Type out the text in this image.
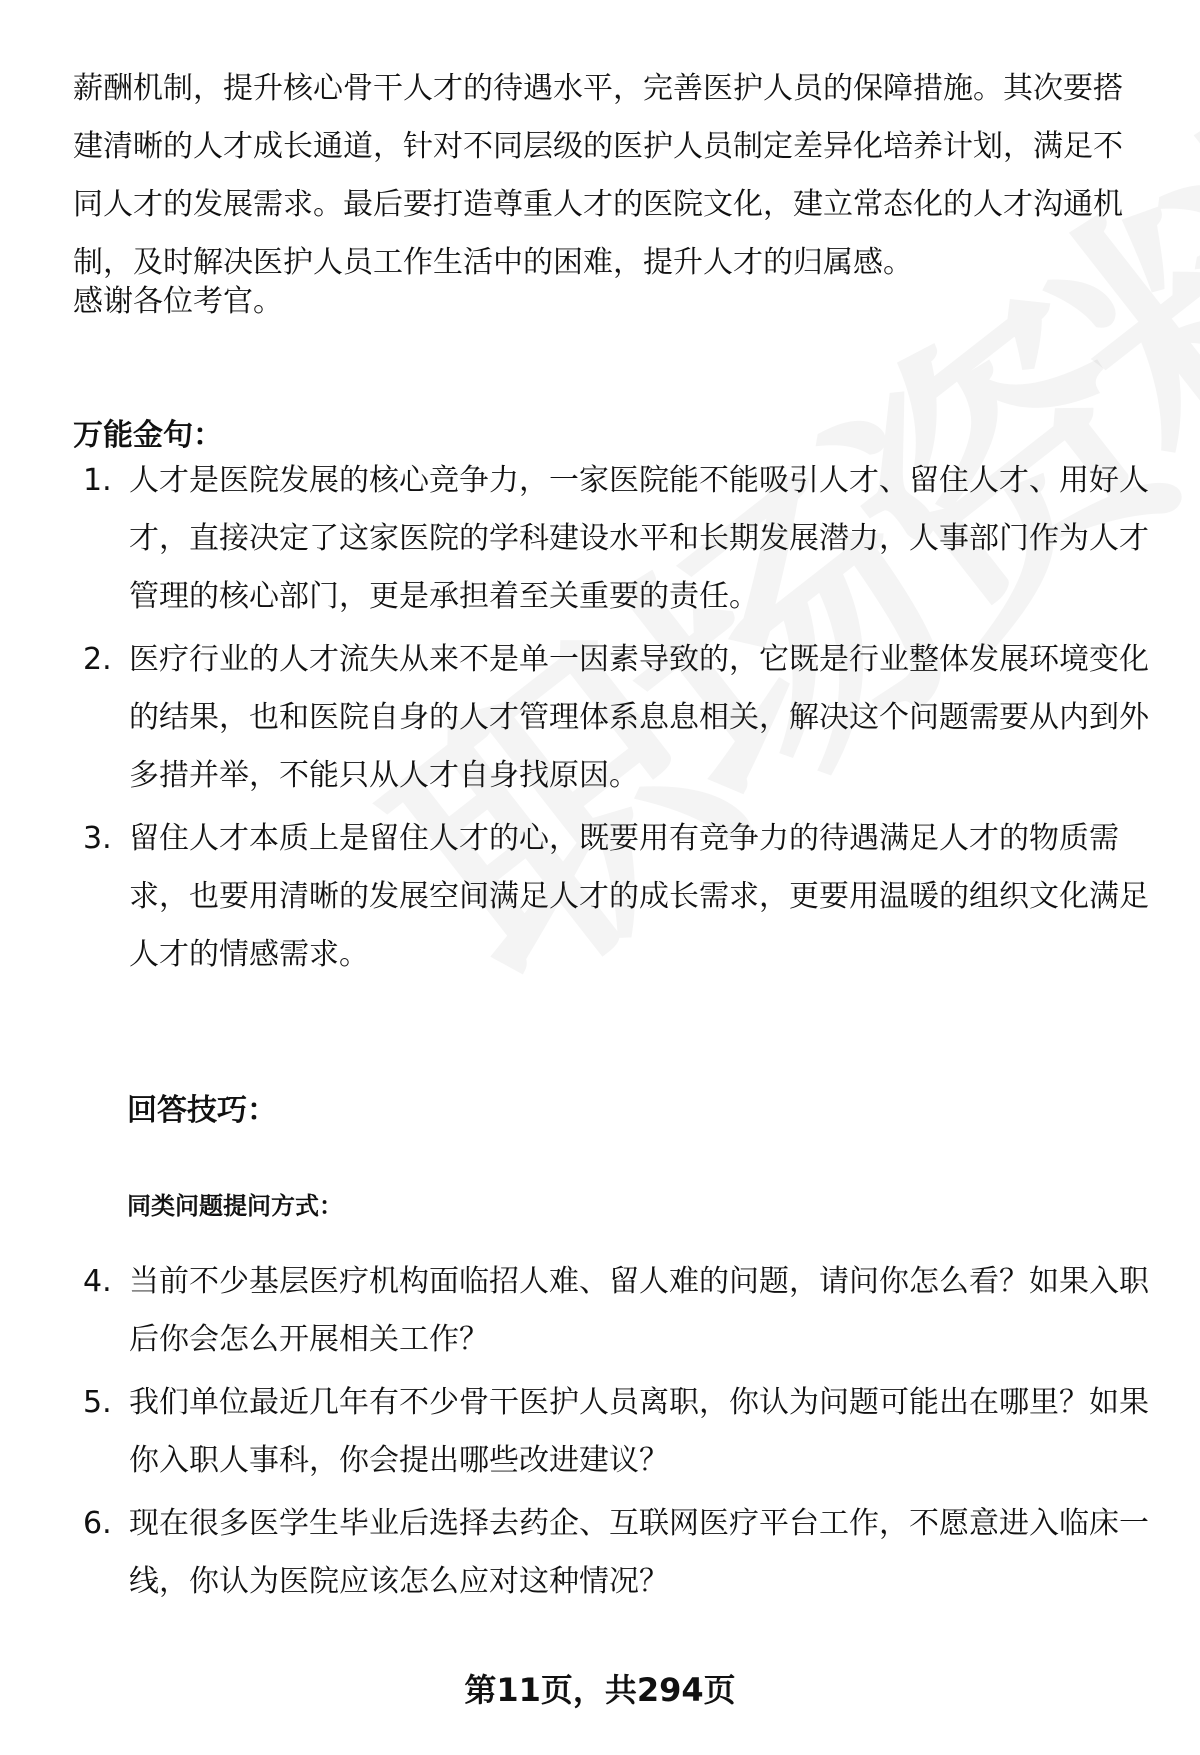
薪酬机制，提升核心骨干人才的待遇水平，完善医护人员的保障措施。其次要搭建清晰的人才成长通道，针对不同层级的医护人员制定差异化培养计划，满足不同人才的发展需求。最后要打造尊重人才的医院文化，建立常态化的人才沟通机制，及时解决医护人员工作生活中的困难，提升人才的归属感。
感谢各位考官。
万能金句：
1. 人才是医院发展的核心竞争力，一家医院能不能吸引人才、留住人才、用好人才，直接决定了这家医院的学科建设水平和长期发展潜力，人事部门作为人才管理的核心部门，更是承担着至关重要的责任。
2. 医疗行业的人才流失从来不是单一因素导致的，它既是行业整体发展环境变化的结果，也和医院自身的人才管理体系息息相关，解决这个问题需要从内到外多措并举，不能只从人才自身找原因。
3. 留住人才本质上是留住人才的心，既要用有竞争力的待遇满足人才的物质需求，也要用清晰的发展空间满足人才的成长需求，更要用温暖的组织文化满足人才的情感需求。
回答技巧：
同类问题提问方式：
4. 当前不少基层医疗机构面临招人难、留人难的问题，请问你怎么看？如果入职后你会怎么开展相关工作？
5. 我们单位最近几年有不少骨干医护人员离职，你认为问题可能出在哪里？如果你入职人事科，你会提出哪些改进建议？
6. 现在很多医学生毕业后选择去药企、互联网医疗平台工作，不愿意进入临床一线，你认为医院应该怎么应对这种情况？
第11页，共294页
